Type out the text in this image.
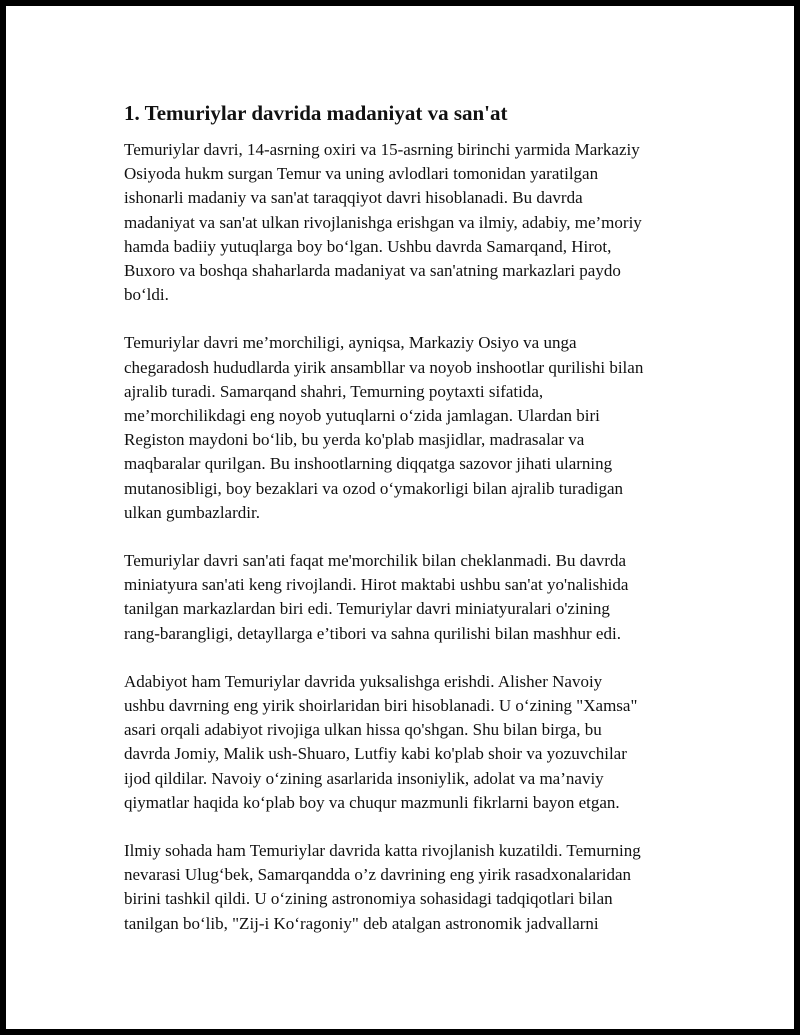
1. Temuriylar davrida madaniyat va san'at

Temuriylar davri, 14-asrning oxiri va 15-asrning birinchi yarmida Markaziy
Osiyoda hukm surgan Temur va uning avlodlari tomonidan yaratilgan
ishonarli madaniy va san'at taraqqiyot davri hisoblanadi. Bu davrda
madaniyat va san'at ulkan rivojlanishga erishgan va ilmiy, adabiy, me’moriy
hamda badiiy yutuqlarga boy bo‘lgan. Ushbu davrda Samarqand, Hirot,
Buxoro va boshqa shaharlarda madaniyat va san'atning markazlari paydo
bo‘ldi.

Temuriylar davri me’morchiligi, ayniqsa, Markaziy Osiyo va unga
chegaradosh hududlarda yirik ansambllar va noyob inshootlar qurilishi bilan
ajralib turadi. Samarqand shahri, Temurning poytaxti sifatida,
me’morchilikdagi eng noyob yutuqlarni o‘zida jamlagan. Ulardan biri
Registon maydoni bo‘lib, bu yerda ko'plab masjidlar, madrasalar va
maqbaralar qurilgan. Bu inshootlarning diqqatga sazovor jihati ularning
mutanosibligi, boy bezaklari va ozod o‘ymakorligi bilan ajralib turadigan
ulkan gumbazlardir.

Temuriylar davri san'ati faqat me'morchilik bilan cheklanmadi. Bu davrda
miniatyura san'ati keng rivojlandi. Hirot maktabi ushbu san'at yo'nalishida
tanilgan markazlardan biri edi. Temuriylar davri miniatyuralari o'zining
rang-barangligi, detayllarga e’tibori va sahna qurilishi bilan mashhur edi.

Adabiyot ham Temuriylar davrida yuksalishga erishdi. Alisher Navoiy
ushbu davrning eng yirik shoirlaridan biri hisoblanadi. U o‘zining "Xamsa"
asari orqali adabiyot rivojiga ulkan hissa qo'shgan. Shu bilan birga, bu
davrda Jomiy, Malik ush-Shuaro, Lutfiy kabi ko'plab shoir va yozuvchilar
ijod qildilar. Navoiy o‘zining asarlarida insoniylik, adolat va ma’naviy
qiymatlar haqida ko‘plab boy va chuqur mazmunli fikrlarni bayon etgan.

Ilmiy sohada ham Temuriylar davrida katta rivojlanish kuzatildi. Temurning
nevarasi Ulug‘bek, Samarqandda o’z davrining eng yirik rasadxonalaridan
birini tashkil qildi. U o‘zining astronomiya sohasidagi tadqiqotlari bilan
tanilgan bo‘lib, "Zij-i Ko‘ragoniy" deb atalgan astronomik jadvallarni
